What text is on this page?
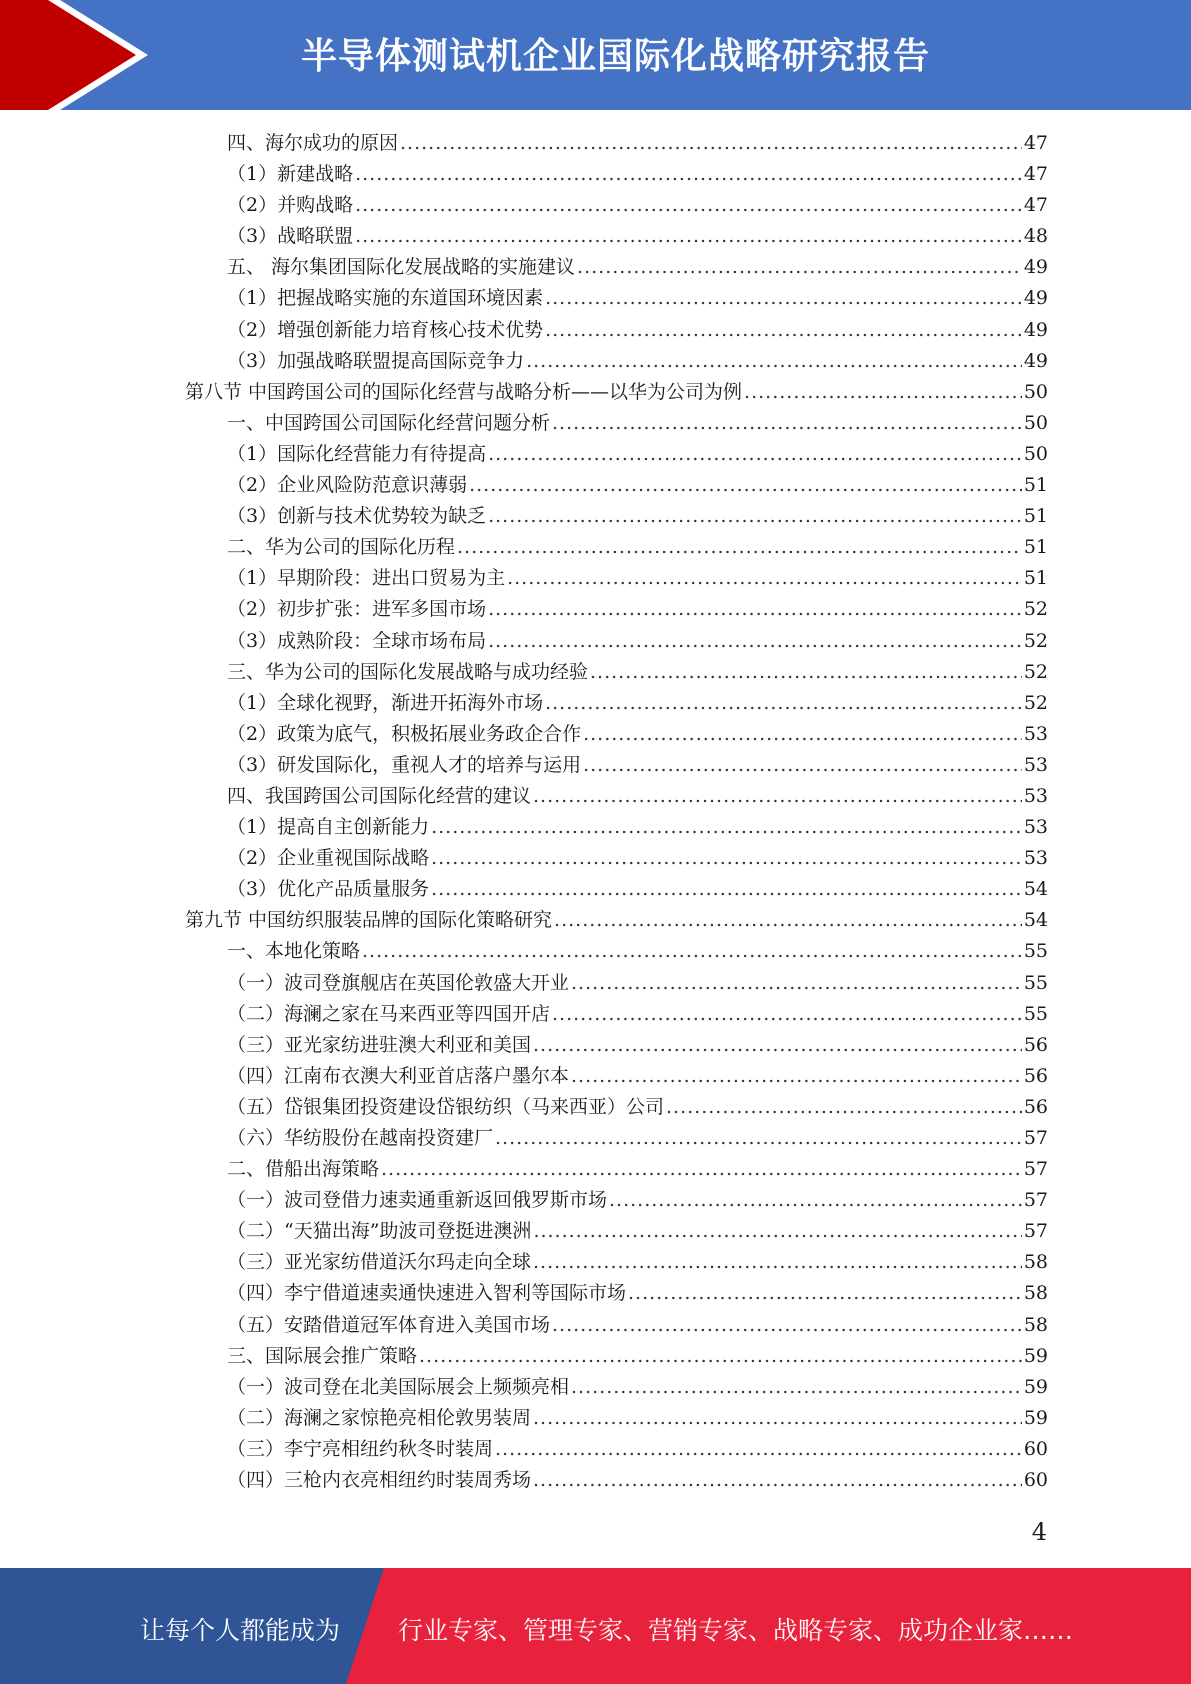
半导体测试机企业国际化战略研究报告
四、海尔成功的原因 .....	47
（1）新建战略 .....	47
（2）并购战略 .....	47
（3）战略联盟 .....	48
五、 海尔集团国际化发展战略的实施建议 .....	49
（1）把握战略实施的东道国环境因素 .....	49
（2）增强创新能力培育核心技术优势 .....	49
（3）加强战略联盟提高国际竞争力 .....	49
第八节 中国跨国公司的国际化经营与战略分析——以华为公司为例 .....	50
一、中国跨国公司国际化经营问题分析 .....	50
（1）国际化经营能力有待提高 .....	50
（2）企业风险防范意识薄弱 .....	51
（3）创新与技术优势较为缺乏 .....	51
二、华为公司的国际化历程 .....	51
（1）早期阶段：进出口贸易为主 .....	51
（2）初步扩张：进军多国市场 .....	52
（3）成熟阶段：全球市场布局 .....	52
三、华为公司的国际化发展战略与成功经验 .....	52
（1）全球化视野，渐进开拓海外市场 .....	52
（2）政策为底气，积极拓展业务政企合作 .....	53
（3）研发国际化，重视人才的培养与运用 .....	53
四、我国跨国公司国际化经营的建议 .....	53
（1）提高自主创新能力 .....	53
（2）企业重视国际战略 .....	53
（3）优化产品质量服务 .....	54
第九节 中国纺织服装品牌的国际化策略研究 .....	54
一、本地化策略 .....	55
（一）波司登旗舰店在英国伦敦盛大开业 .....	55
（二）海澜之家在马来西亚等四国开店 .....	55
（三）亚光家纺进驻澳大利亚和美国 .....	56
（四）江南布衣澳大利亚首店落户墨尔本 .....	56
（五）岱银集团投资建设岱银纺织（马来西亚）公司 .....	56
（六）华纺股份在越南投资建厂 .....	57
二、借船出海策略 .....	57
（一）波司登借力速卖通重新返回俄罗斯市场 .....	57
（二）“天猫出海”助波司登挺进澳洲 .....	57
（三）亚光家纺借道沃尔玛走向全球 .....	58
（四）李宁借道速卖通快速进入智利等国际市场 .....	58
（五）安踏借道冠军体育进入美国市场 .....	58
三、国际展会推广策略 .....	59
（一）波司登在北美国际展会上频频亮相 .....	59
（二）海澜之家惊艳亮相伦敦男装周 .....	59
（三）李宁亮相纽约秋冬时装周 .....	60
（四）三枪内衣亮相纽约时装周秀场 .....	60
4
让每个人都能成为 行业专家、管理专家、营销专家、战略专家、成功企业家……
